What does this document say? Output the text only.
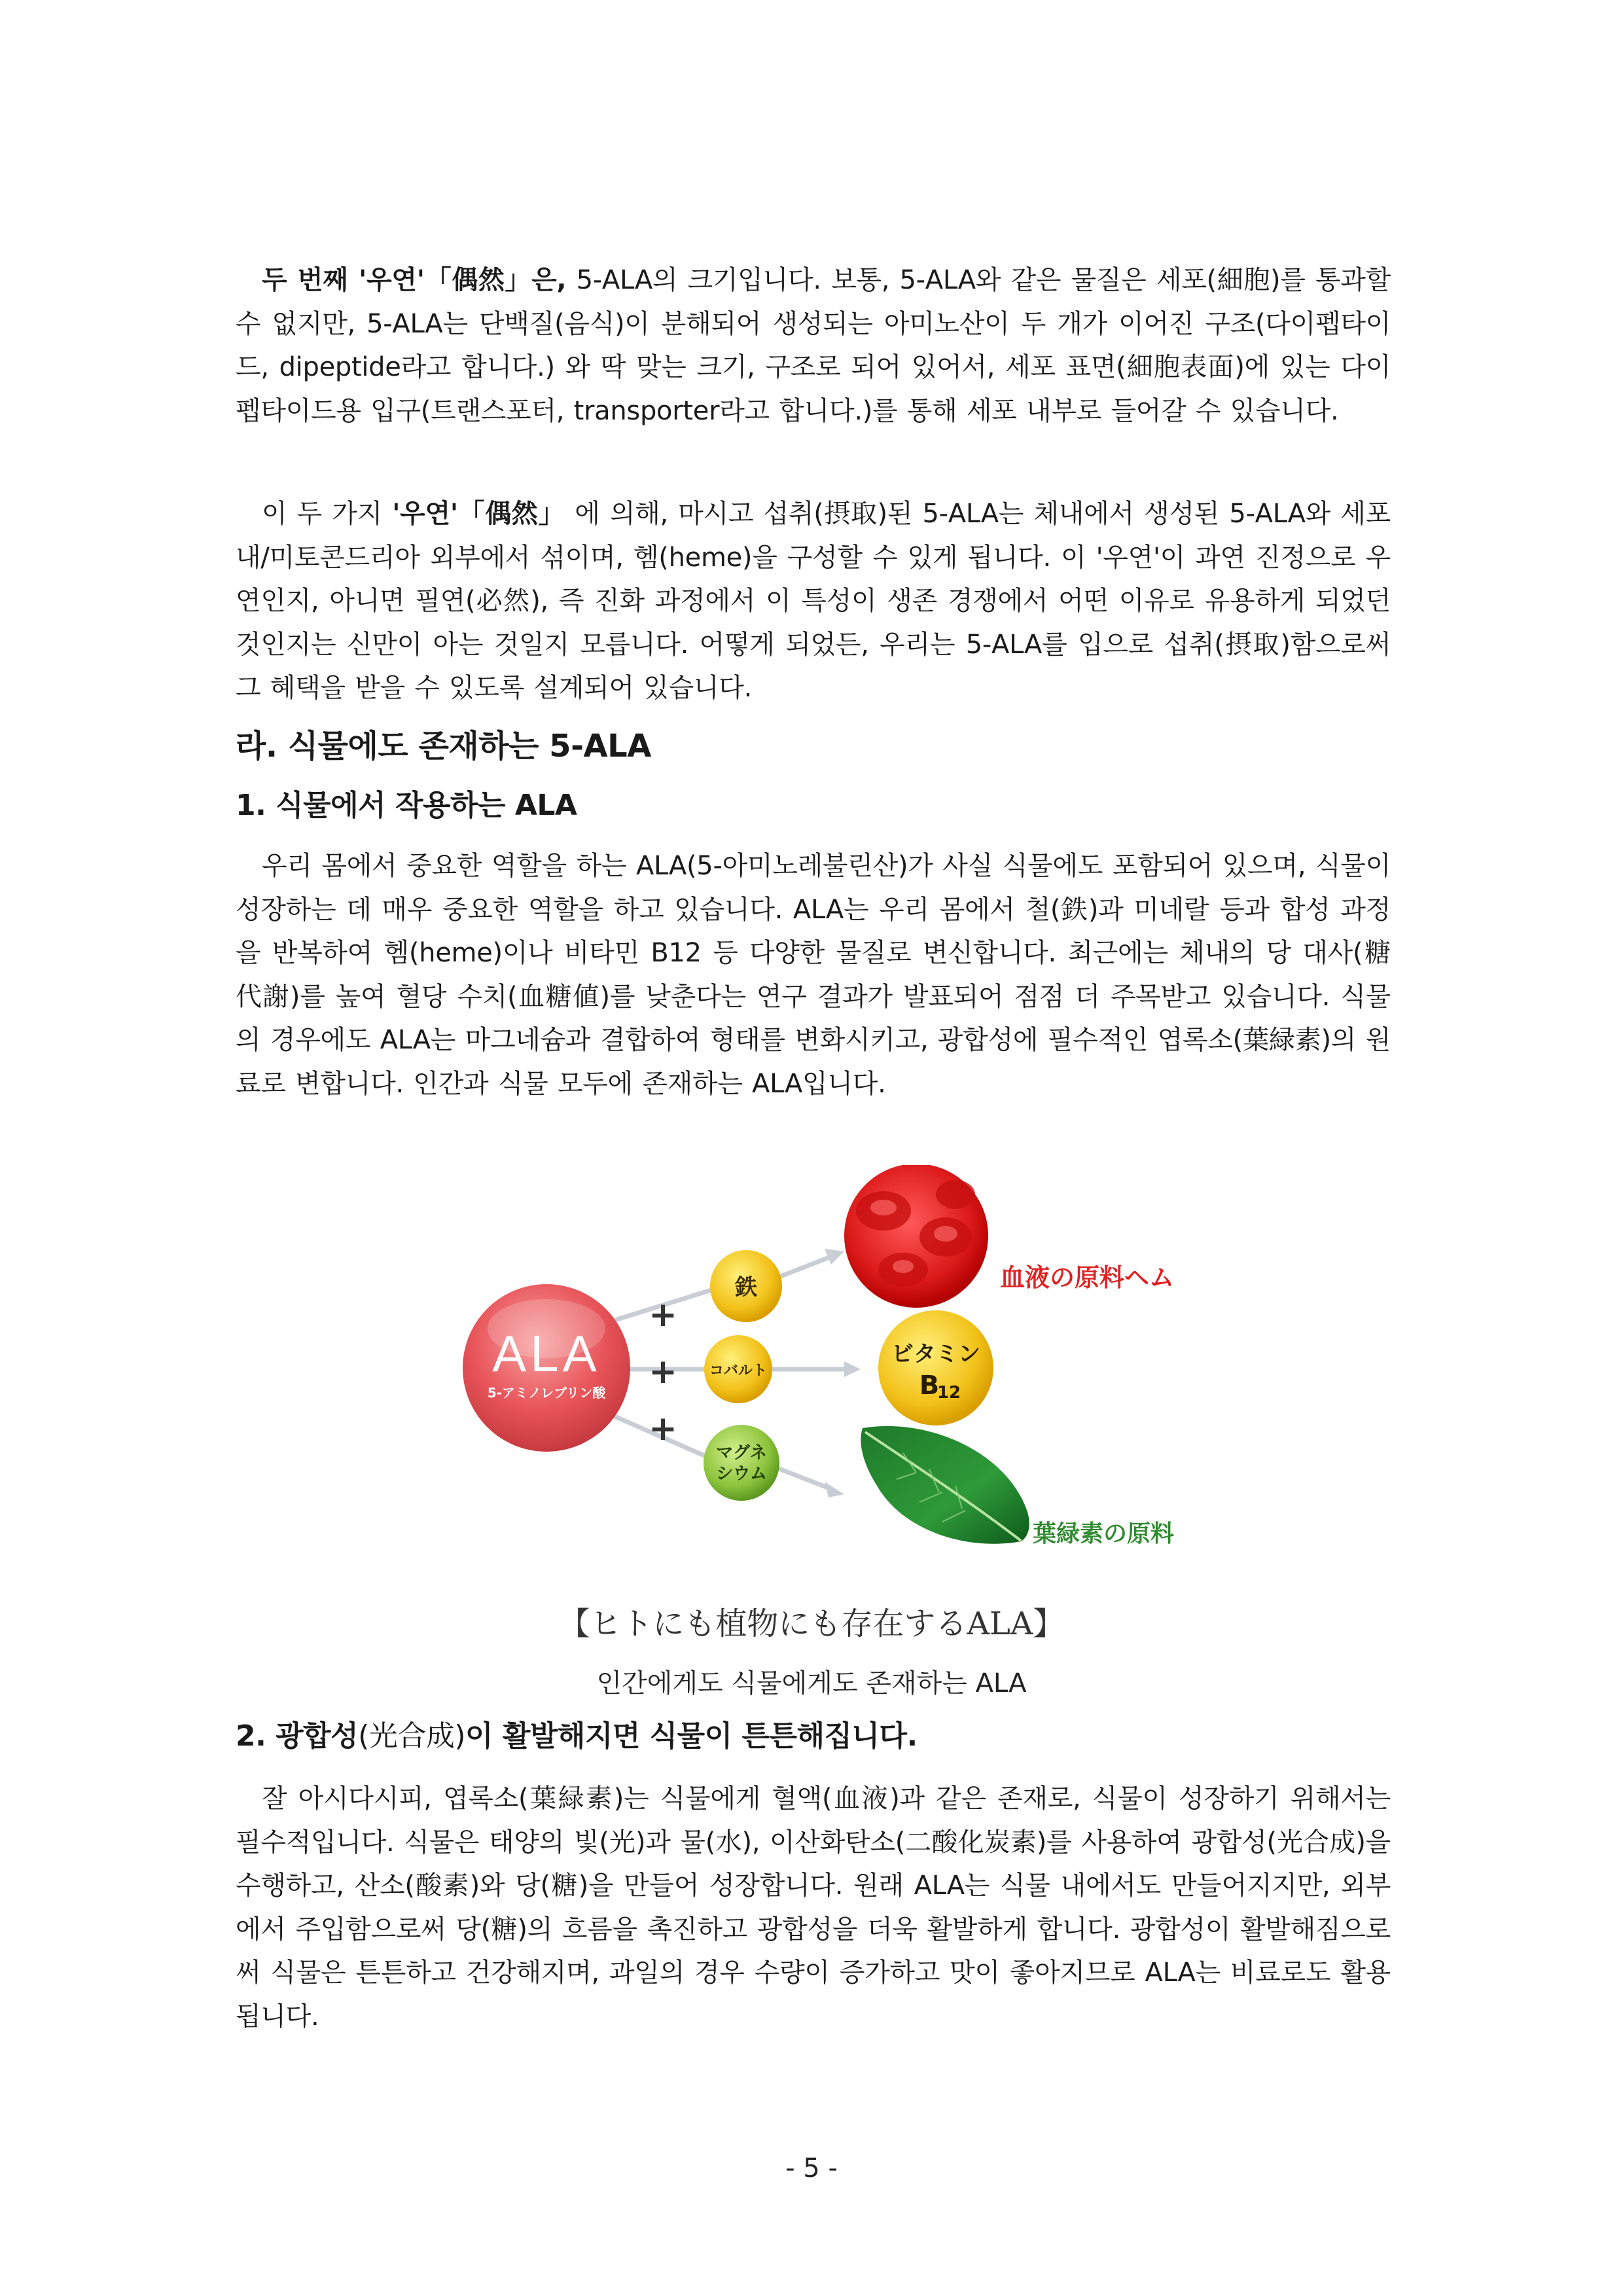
두 번째 '우연'「偶然」은, 5-ALA의 크기입니다. 보통, 5-ALA와 같은 물질은 세포(細胞)를 통과할 수 없지만, 5-ALA는 단백질(음식)이 분해되어 생성되는 아미노산이 두 개가 이어진 구조(다이펩타이드, dipeptide라고 합니다.) 와 딱 맞는 크기, 구조로 되어 있어서, 세포 표면(細胞表面)에 있는 다이펩타이드용 입구(트랜스포터, transporter라고 합니다.)를 통해 세포 내부로 들어갈 수 있습니다.

이 두 가지 '우연'「偶然」 에 의해, 마시고 섭취(摂取)된 5-ALA는 체내에서 생성된 5-ALA와 세포 내/미토콘드리아 외부에서 섞이며, 헴(heme)을 구성할 수 있게 됩니다. 이 '우연'이 과연 진정으로 우연인지, 아니면 필연(必然), 즉 진화 과정에서 이 특성이 생존 경쟁에서 어떤 이유로 유용하게 되었던 것인지는 신만이 아는 것일지 모릅니다. 어떻게 되었든, 우리는 5-ALA를 입으로 섭취(摂取)함으로써 그 혜택을 받을 수 있도록 설계되어 있습니다.

라. 식물에도 존재하는 5-ALA
1. 식물에서 작용하는 ALA

우리 몸에서 중요한 역할을 하는 ALA(5-아미노레불린산)가 사실 식물에도 포함되어 있으며, 식물이 성장하는 데 매우 중요한 역할을 하고 있습니다. ALA는 우리 몸에서 철(鉄)과 미네랄 등과 합성 과정을 반복하여 헴(heme)이나 비타민 B12 등 다양한 물질로 변신합니다. 최근에는 체내의 당 대사(糖代謝)를 높여 혈당 수치(血糖値)를 낮춘다는 연구 결과가 발표되어 점점 더 주목받고 있습니다. 식물의 경우에도 ALA는 마그네슘과 결합하여 형태를 변화시키고, 광합성에 필수적인 엽록소(葉緑素)의 원료로 변합니다. 인간과 식물 모두에 존재하는 ALA입니다.

ALA
5-アミノレブリン酸
+
+
+
鉄
コバルト
マグネ
シウム
血液の原料ヘム
ビタミン
B
12
葉緑素の原料
【ヒトにも植物にも存在するALA】
인간에게도 식물에게도 존재하는 ALA
2. 광합성(光合成)이 활발해지면 식물이 튼튼해집니다.

잘 아시다시피, 엽록소(葉緑素)는 식물에게 혈액(血液)과 같은 존재로, 식물이 성장하기 위해서는 필수적입니다. 식물은 태양의 빛(光)과 물(水), 이산화탄소(二酸化炭素)를 사용하여 광합성(光合成)을 수행하고, 산소(酸素)와 당(糖)을 만들어 성장합니다. 원래 ALA는 식물 내에서도 만들어지지만, 외부에서 주입함으로써 당(糖)의 흐름을 촉진하고 광합성을 더욱 활발하게 합니다. 광합성이 활발해짐으로써 식물은 튼튼하고 건강해지며, 과일의 경우 수량이 증가하고 맛이 좋아지므로 ALA는 비료로도 활용됩니다.

- 5 -
